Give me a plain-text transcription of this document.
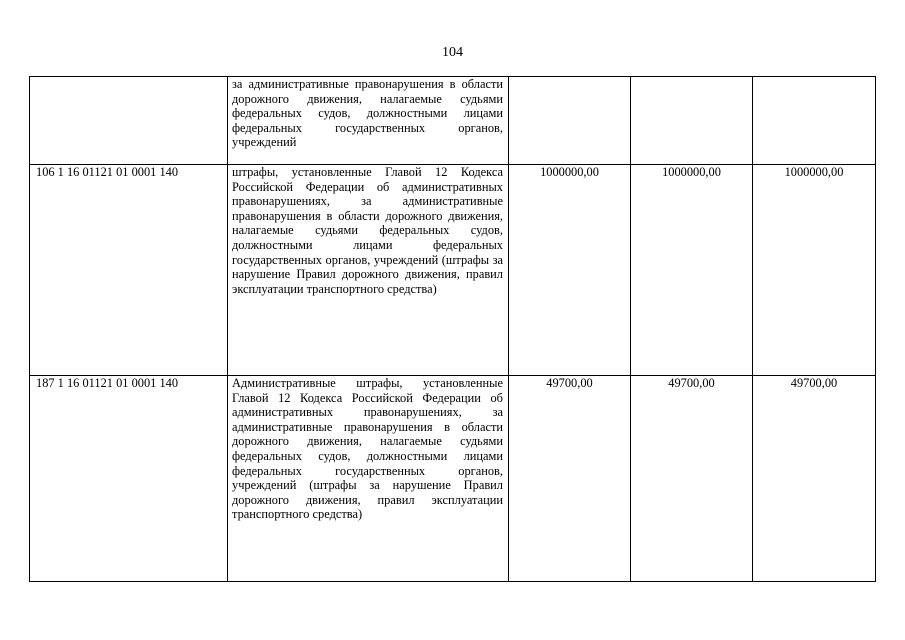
104
	за административные правонарушения в области дорожного движения, налагаемые судьями федеральных судов, должностными лицами федеральных государственных органов, учреждений			
106 1 16 01121 01 0001 140	штрафы, установленные Главой 12 Кодекса Российской Федерации об административных правонарушениях, за административные правонарушения в области дорожного движения, налагаемые судьями федеральных судов, должностными лицами федеральных государственных органов, учреждений (штрафы за нарушение Правил дорожного движения, правил эксплуатации транспортного средства)	1000000,00	1000000,00	1000000,00
187 1 16 01121 01 0001 140	Административные штрафы, установленные Главой 12 Кодекса Российской Федерации об административных правонарушениях, за административные правонарушения в области дорожного движения, налагаемые судьями федеральных судов, должностными лицами федеральных государственных органов, учреждений (штрафы за нарушение Правил дорожного движения, правил эксплуатации транспортного средства)	49700,00	49700,00	49700,00
